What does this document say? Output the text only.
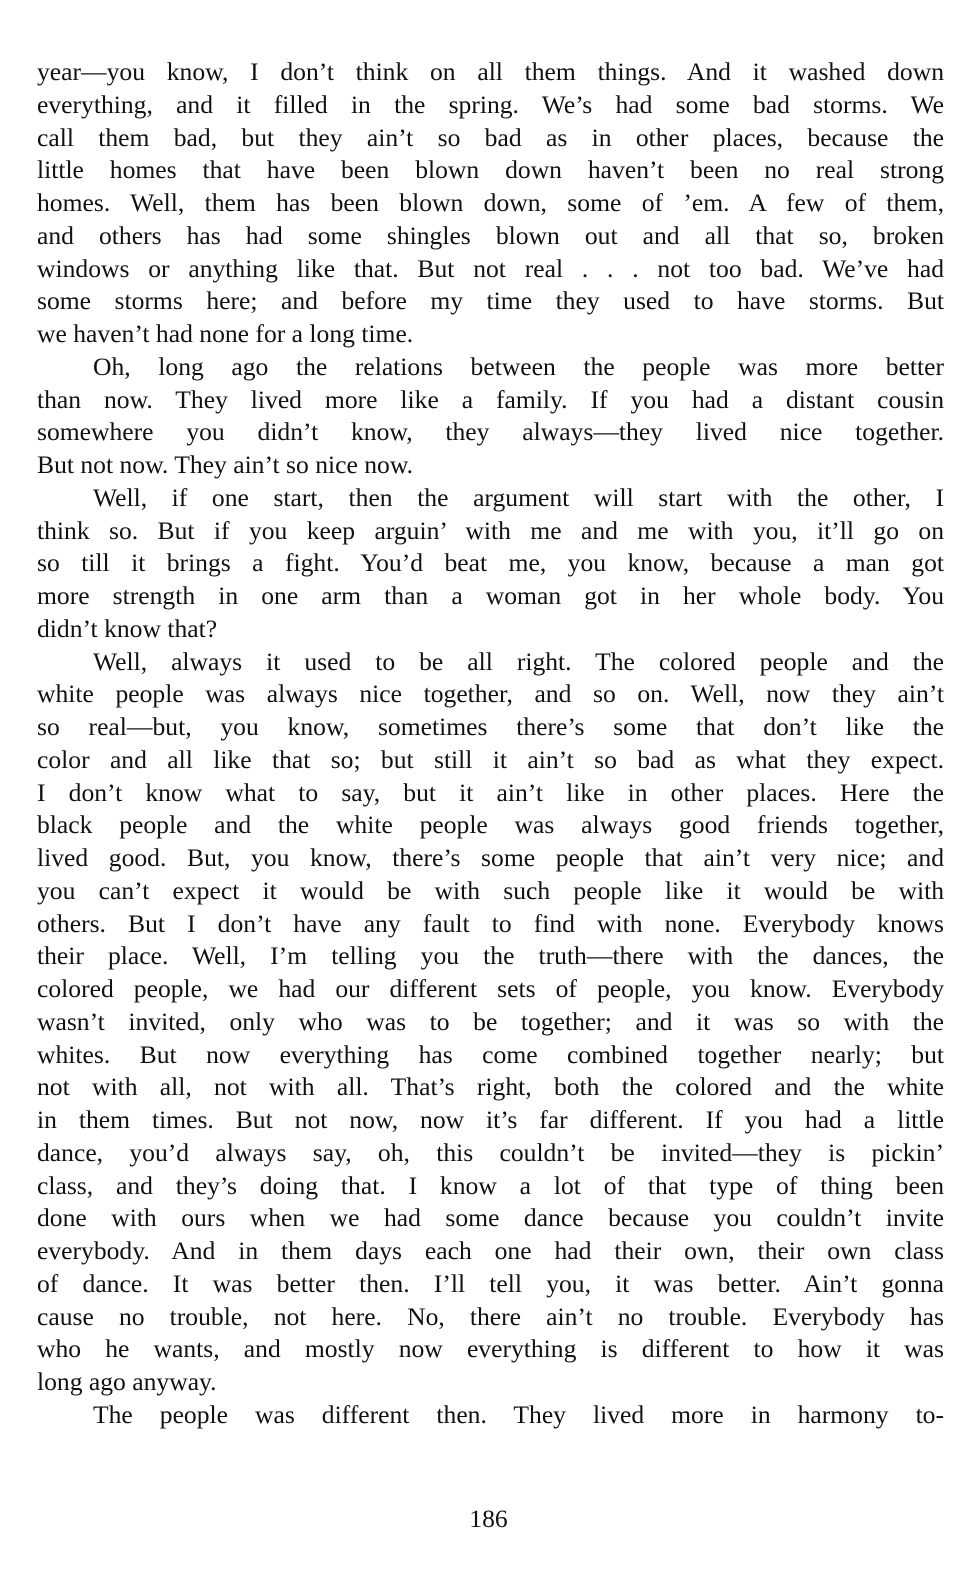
year—you know, I don’t think on all them things. And it washed down
everything, and it filled in the spring. We’s had some bad storms. We
call them bad, but they ain’t so bad as in other places, because the
little homes that have been blown down haven’t been no real strong
homes. Well, them has been blown down, some of ’em. A few of them,
and others has had some shingles blown out and all that so, broken
windows or anything like that. But not real . . . not too bad. We’ve had
some storms here; and before my time they used to have storms. But
we haven’t had none for a long time.
Oh, long ago the relations between the people was more better
than now. They lived more like a family. If you had a distant cousin
somewhere you didn’t know, they always—they lived nice together.
But not now. They ain’t so nice now.
Well, if one start, then the argument will start with the other, I
think so. But if you keep arguin’ with me and me with you, it’ll go on
so till it brings a fight. You’d beat me, you know, because a man got
more strength in one arm than a woman got in her whole body. You
didn’t know that?
Well, always it used to be all right. The colored people and the
white people was always nice together, and so on. Well, now they ain’t
so real—but, you know, sometimes there’s some that don’t like the
color and all like that so; but still it ain’t so bad as what they expect.
I don’t know what to say, but it ain’t like in other places. Here the
black people and the white people was always good friends together,
lived good. But, you know, there’s some people that ain’t very nice; and
you can’t expect it would be with such people like it would be with
others. But I don’t have any fault to find with none. Everybody knows
their place. Well, I’m telling you the truth—there with the dances, the
colored people, we had our different sets of people, you know. Everybody
wasn’t invited, only who was to be together; and it was so with the
whites. But now everything has come combined together nearly; but
not with all, not with all. That’s right, both the colored and the white
in them times. But not now, now it’s far different. If you had a little
dance, you’d always say, oh, this couldn’t be invited—they is pickin’
class, and they’s doing that. I know a lot of that type of thing been
done with ours when we had some dance because you couldn’t invite
everybody. And in them days each one had their own, their own class
of dance. It was better then. I’ll tell you, it was better. Ain’t gonna
cause no trouble, not here. No, there ain’t no trouble. Everybody has
who he wants, and mostly now everything is different to how it was
long ago anyway.
The people was different then. They lived more in harmony to-
186
